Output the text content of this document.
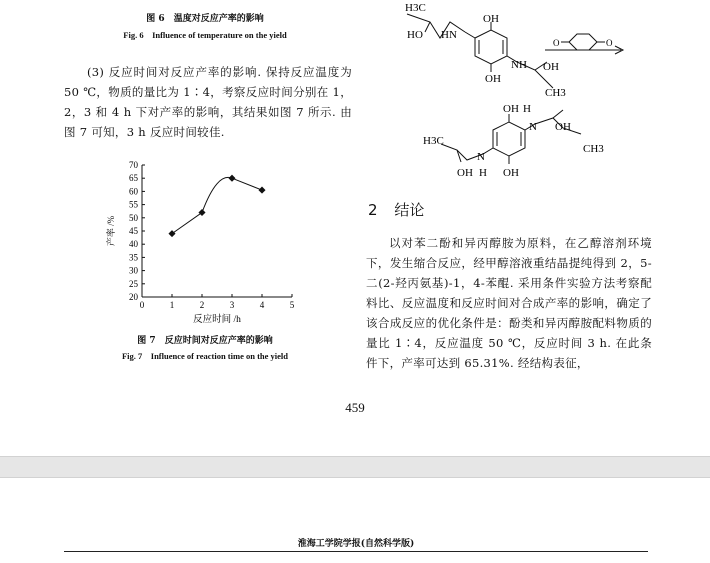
图 6　温度对反应产率的影响
Fig. 6　Influence of temperature on the yield
(3) 反应时间对反应产率的影响. 保持反应温度为 50 ℃，物质的量比为 1∶4，考察反应时间分别在 1，2，3 和 4 h 下对产率的影响，其结果如图 7 所示. 由图 7 可知，3 h 反应时间较佳.
20
25
30
35
40
45
50
55
60
65
70
0	1	2	3	4	5
反应时间 /h
产率 /%
图 7　反应时间对反应产率的影响
Fig. 7　Influence of reaction time on the yield
H3C
HO HN
OH
OH
NH OH
CH3
O	O
OH H
OH
H3C
N
N
CH3
OH H OH
2 结论
以对苯二酚和异丙醇胺为原料，在乙醇溶剂环境下，发生缩合反应，经甲醇溶液重结晶提纯得到 2，5-二(2-羟丙氨基)-1，4-苯醌. 采用条件实验方法考察配料比、反应温度和反应时间对合成产率的影响，确定了该合成反应的优化条件是：酚类和异丙醇胺配料物质的量比 1∶4，反应温度 50 ℃，反应时间 3 h. 在此条件下，产率可达到 65.31%. 经结构表征，
459
淮海工学院学报(自然科学版)
